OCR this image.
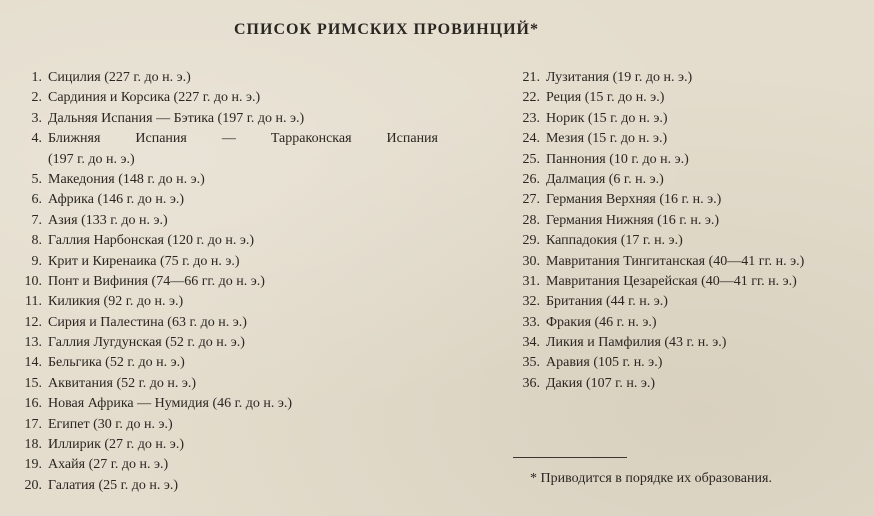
СПИСОК РИМСКИХ ПРОВИНЦИЙ*
1. Сицилия (227 г. до н. э.)
2. Сардиния и Корсика (227 г. до н. э.)
3. Дальняя Испания — Бэтика (197 г. до н. э.)
4. Ближняя Испания — Тарраконская Испания
(197 г. до н. э.)
5. Македония (148 г. до н. э.)
6. Африка (146 г. до н. э.)
7. Азия (133 г. до н. э.)
8. Галлия Нарбонская (120 г. до н. э.)
9. Крит и Киренаика (75 г. до н. э.)
10. Понт и Вифиния (74—66 гг. до н. э.)
11. Киликия (92 г. до н. э.)
12. Сирия и Палестина (63 г. до н. э.)
13. Галлия Лугдунская (52 г. до н. э.)
14. Бельгика (52 г. до н. э.)
15. Аквитания (52 г. до н. э.)
16. Новая Африка — Нумидия (46 г. до н. э.)
17. Египет (30 г. до н. э.)
18. Иллирик (27 г. до н. э.)
19. Ахайя (27 г. до н. э.)
20. Галатия (25 г. до н. э.)
21. Лузитания (19 г. до н. э.)
22. Реция (15 г. до н. э.)
23. Норик (15 г. до н. э.)
24. Мезия (15 г. до н. э.)
25. Паннония (10 г. до н. э.)
26. Далмация (6 г. н. э.)
27. Германия Верхняя (16 г. н. э.)
28. Германия Нижняя (16 г. н. э.)
29. Каппадокия (17 г. н. э.)
30. Мавритания Тингитанская (40—41 гг. н. э.)
31. Мавритания Цезарейская (40—41 гг. н. э.)
32. Британия (44 г. н. э.)
33. Фракия (46 г. н. э.)
34. Ликия и Памфилия (43 г. н. э.)
35. Аравия (105 г. н. э.)
36. Дакия (107 г. н. э.)
* Приводится в порядке их образования.
